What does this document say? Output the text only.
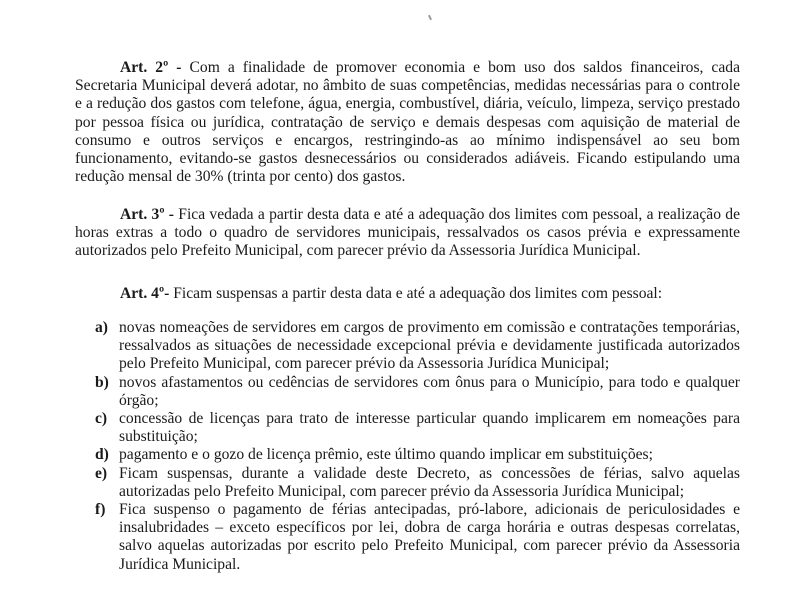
Art. 2º - Com a finalidade de promover economia e bom uso dos saldos financeiros, cada Secretaria Municipal deverá adotar, no âmbito de suas competências, medidas necessárias para o controle e a redução dos gastos com telefone, água, energia, combustível, diária, veículo, limpeza, serviço prestado por pessoa física ou jurídica, contratação de serviço e demais despesas com aquisição de material de consumo e outros serviços e encargos, restringindo-as ao mínimo indispensável ao seu bom funcionamento, evitando-se gastos desnecessários ou considerados adiáveis. Ficando estipulando uma redução mensal de 30% (trinta por cento) dos gastos.

Art. 3º - Fica vedada a partir desta data e até a adequação dos limites com pessoal, a realização de horas extras a todo o quadro de servidores municipais, ressalvados os casos prévia e expressamente autorizados pelo Prefeito Municipal, com parecer prévio da Assessoria Jurídica Municipal.

Art. 4º- Ficam suspensas a partir desta data e até a adequação dos limites com pessoal:

a) novas nomeações de servidores em cargos de provimento em comissão e contratações temporárias, ressalvados as situações de necessidade excepcional prévia e devidamente justificada autorizados pelo Prefeito Municipal, com parecer prévio da Assessoria Jurídica Municipal;
b) novos afastamentos ou cedências de servidores com ônus para o Município, para todo e qualquer órgão;
c) concessão de licenças para trato de interesse particular quando implicarem em nomeações para substituição;
d) pagamento e o gozo de licença prêmio, este último quando implicar em substituições;
e) Ficam suspensas, durante a validade deste Decreto, as concessões de férias, salvo aquelas autorizadas pelo Prefeito Municipal, com parecer prévio da Assessoria Jurídica Municipal;
f) Fica suspenso o pagamento de férias antecipadas, pró-labore, adicionais de periculosidades e insalubridades – exceto específicos por lei, dobra de carga horária e outras despesas correlatas, salvo aquelas autorizadas por escrito pelo Prefeito Municipal, com parecer prévio da Assessoria Jurídica Municipal.
